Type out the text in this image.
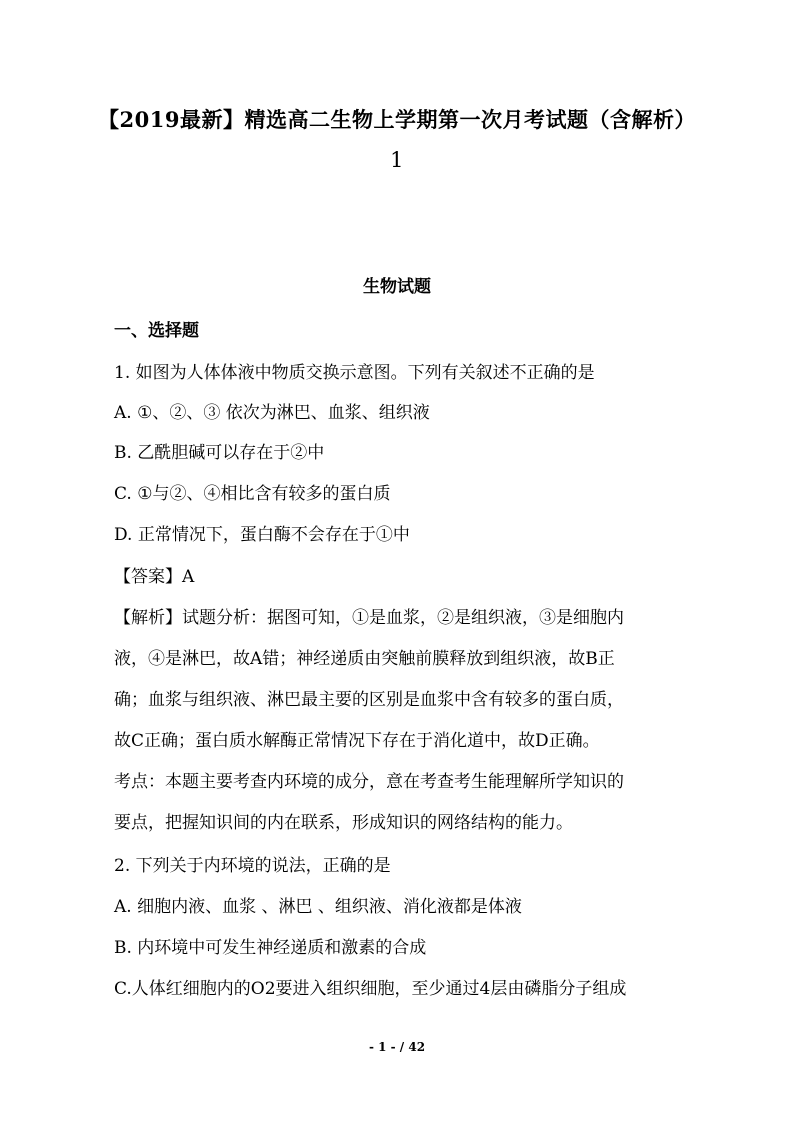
【2019最新】精选高二生物上学期第一次月考试题（含解析）
1
生物试题
一、选择题
1. 如图为人体体液中物质交换示意图。下列有关叙述不正确的是
A. ①、②、③ 依次为淋巴、血浆、组织液
B. 乙酰胆碱可以存在于②中
C. ①与②、④相比含有较多的蛋白质
D. 正常情况下，蛋白酶不会存在于①中
【答案】A
【解析】试题分析：据图可知，①是血浆，②是组织液，③是细胞内
液，④是淋巴，故A错；神经递质由突触前膜释放到组织液，故B正
确；血浆与组织液、淋巴最主要的区别是血浆中含有较多的蛋白质，
故C正确；蛋白质水解酶正常情况下存在于消化道中，故D正确。
考点：本题主要考查内环境的成分，意在考查考生能理解所学知识的
要点，把握知识间的内在联系，形成知识的网络结构的能力。
2. 下列关于内环境的说法，正确的是
A. 细胞内液、血浆 、淋巴 、组织液、消化液都是体液
B. 内环境中可发生神经递质和激素的合成
C.人体红细胞内的O2要进入组织细胞，至少通过4层由磷脂分子组成
- 1 - / 42
